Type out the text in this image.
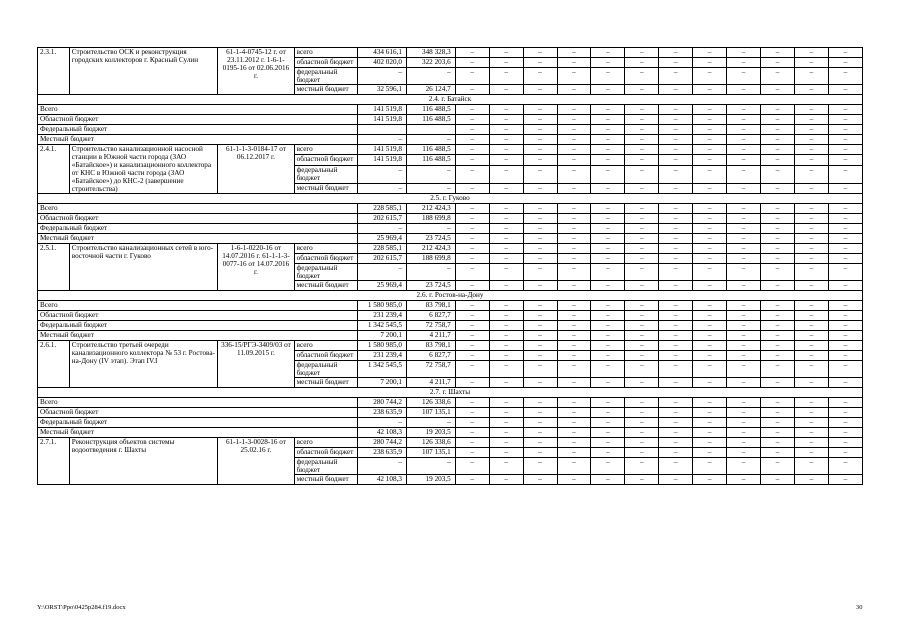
2.3.1.	Строительство ОСК и реконструкция городских коллекторов г. Красный Сулин	61-1-4-0745-12 г. от 23.11.2012 г. 1-6-1-0195-16 от 02.06.2016 г.	всего	434 616,1	348 328,3	–	–	–	–	–	–	–	–	–	–	–	–
			областной бюджет	402 020,0	322 203,6	–	–	–	–	–	–	–	–	–	–	–	–
			федеральный бюджет	–	–	–	–	–	–	–	–	–	–	–	–	–	–
			местный бюджет	32 596,1	26 124,7	–	–	–	–	–	–	–	–	–	–	–	–
2.4. г. Батайск																	
Всего				141 519,8	116 488,5	–	–	–	–	–	–	–	–	–	–	–	–
Областной бюджет				141 519,8	116 488,5	–	–	–	–	–	–	–	–	–	–	–	–
Федеральный бюджет						–	–	–	–	–	–	–	–	–	–	–	–
Местный бюджет				–	–	–	–	–	–	–	–	–	–	–	–	–	–
2.4.1.	Строительство канализационной насосной станции в Южной части города (ЗАО «Батайское») и канализационного коллектора от КНС в Южной части города (ЗАО «Батайское») до КНС-2 (завершение строительства)	61-1-1-3-0184-17 от 06.12.2017 г.	всего	141 519,8	116 488,5	–	–	–	–	–	–	–	–	–	–	–	–
			областной бюджет	141 519,8	116 488,5	–	–	–	–	–	–	–	–	–	–	–	–
			федеральный бюджет	–	–	–	–	–	–	–	–	–	–	–	–	–	–
			местный бюджет	–	–	–	–	–	–	–	–	–	–	–	–	–	–
2.5. г. Гуково																	
Всего				228 585,1	212 424,3	–	–	–	–	–	–	–	–	–	–	–	–
Областной бюджет				202 615,7	188 699,8	–	–	–	–	–	–	–	–	–	–	–	–
Федеральный бюджет				–	–	–	–	–	–	–	–	–	–	–	–	–	–
Местный бюджет				25 969,4	23 724,5	–	–	–	–	–	–	–	–	–	–	–	–
2.5.1.	Строительство канализационных сетей в юго-восточной части г. Гуково	1-6-1-0220-16 от 14.07.2016 г. 61-1-1-3-0077-16 от 14.07.2016 г.	всего	228 585,1	212 424,3	–	–	–	–	–	–	–	–	–	–	–	–
			областной бюджет	202 615,7	188 699,8	–	–	–	–	–	–	–	–	–	–	–	–
			федеральный бюджет	–	–	–	–	–	–	–	–	–	–	–	–	–	–
			местный бюджет	25 969,4	23 724,5	–	–	–	–	–	–	–	–	–	–	–	–
2.6. г. Ростов-на-Дону																	
Всего				1 580 985,0	83 798,1	–	–	–	–	–	–	–	–	–	–	–	–
Областной бюджет				231 239,4	6 827,7	–	–	–	–	–	–	–	–	–	–	–	–
Федеральный бюджет				1 342 545,5	72 758,7	–	–	–	–	–	–	–	–	–	–	–	–
Местный бюджет				7 200,1	4 211,7	–	–	–	–	–	–	–	–	–	–	–	–
2.6.1.	Строительство третьей очереди канализационного коллектора № 53 г. Ростова-на-Дону (IV этап). Этап IV.I	336-15/РГЭ-3409/03 от 11.09.2015 г.	всего	1 580 985,0	83 798,1	–	–	–	–	–	–	–	–	–	–	–	–
			областной бюджет	231 239,4	6 827,7	–	–	–	–	–	–	–	–	–	–	–	–
			федеральный бюджет	1 342 545,5	72 758,7	–	–	–	–	–	–	–	–	–	–	–	–
			местный бюджет	7 200,1	4 211,7	–	–	–	–	–	–	–	–	–	–	–	–
2.7. г. Шахты																	
Всего				280 744,2	126 338,6	–	–	–	–	–	–	–	–	–	–	–	–
Областной бюджет				238 635,9	107 135,1	–	–	–	–	–	–	–	–	–	–	–	–
Федеральный бюджет				–	–	–	–	–	–	–	–	–	–	–	–	–	–
Местный бюджет				42 108,3	19 203,5	–	–	–	–	–	–	–	–	–	–	–	–
2.7.1.	Реконструкция объектов системы водоотведения г. Шахты	61-1-1-3-0028-16 от 25.02.16 г.	всего	280 744,2	126 338,6	–	–	–	–	–	–	–	–	–	–	–	–
			областной бюджет	238 635,9	107 135,1	–	–	–	–	–	–	–	–	–	–	–	–
			федеральный бюджет	–	–	–	–	–	–	–	–	–	–	–	–	–	–
			местный бюджет	42 108,3	19 203,5	–	–	–	–	–	–	–	–	–	–	–	–
Y:\ORST\Ppo\0425p284.f19.docx	30
